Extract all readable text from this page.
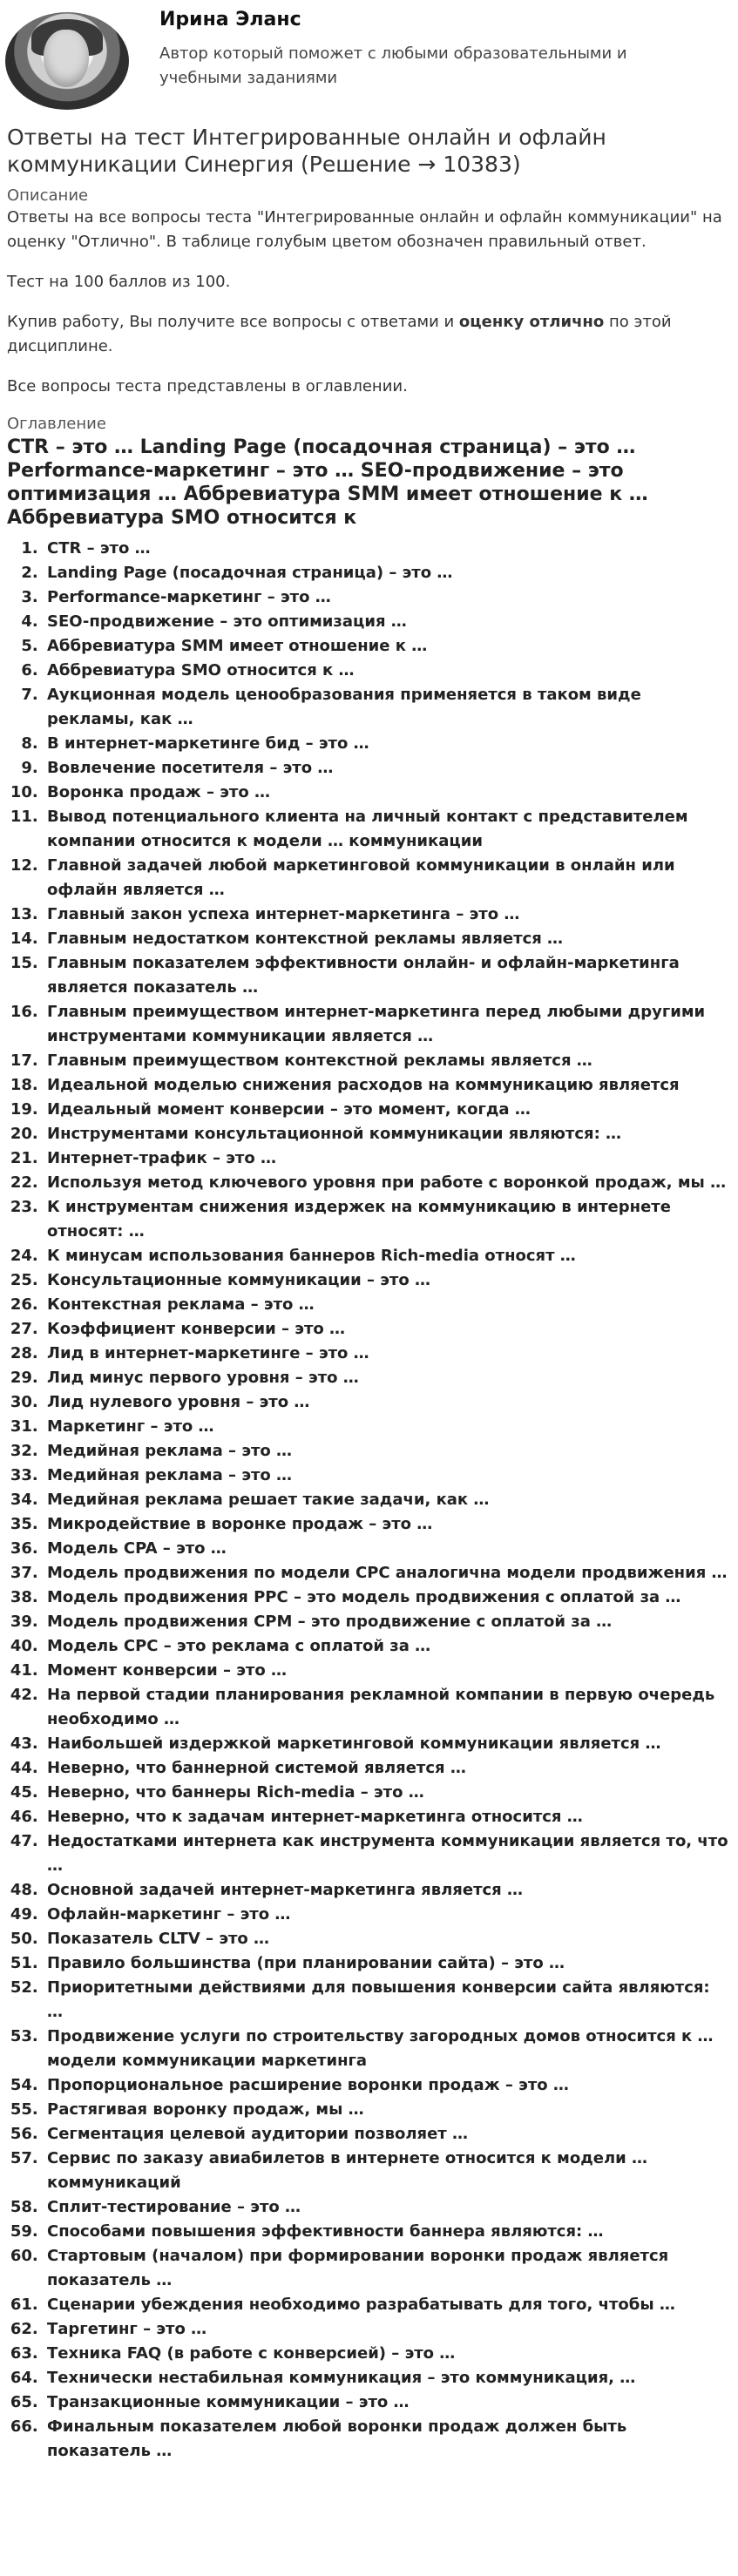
Ирина Эланс
Автор который поможет с любыми образовательными и учебными заданиями
Ответы на тест Интегрированные онлайн и офлайн коммуникации Синергия (Решение → 10383)
Описание

Ответы на все вопросы теста "Интегрированные онлайн и офлайн коммуникации" на оценку "Отлично". В таблице голубым цветом обозначен правильный ответ.

Тест на 100 баллов из 100.

Купив работу, Вы получите все вопросы с ответами и оценку отлично по этой дисциплине.

Все вопросы теста представлены в оглавлении.

Оглавление
CTR – это … Landing Page (посадочная страница) – это … Performance-маркетинг – это … SEO-продвижение – это оптимизация … Аббревиатура SMM имеет отношение к … Аббревиатура SMO относится к
1. CTR – это …
2. Landing Page (посадочная страница) – это …
3. Performance-маркетинг – это …
4. SEO-продвижение – это оптимизация …
5. Аббревиатура SMM имеет отношение к …
6. Аббревиатура SMO относится к …
7. Аукционная модель ценообразования применяется в таком виде рекламы, как …
8. В интернет-маркетинге бид – это …
9. Вовлечение посетителя – это …
10. Воронка продаж – это …
11. Вывод потенциального клиента на личный контакт с представителем компании относится к модели … коммуникации
12. Главной задачей любой маркетинговой коммуникации в онлайн или офлайн является …
13. Главный закон успеха интернет-маркетинга – это …
14. Главным недостатком контекстной рекламы является …
15. Главным показателем эффективности онлайн- и офлайн-маркетинга является показатель …
16. Главным преимуществом интернет-маркетинга перед любыми другими инструментами коммуникации является …
17. Главным преимуществом контекстной рекламы является …
18. Идеальной моделью снижения расходов на коммуникацию является
19. Идеальный момент конверсии – это момент, когда …
20. Инструментами консультационной коммуникации являются: …
21. Интернет-трафик – это …
22. Используя метод ключевого уровня при работе с воронкой продаж, мы …
23. К инструментам снижения издержек на коммуникацию в интернете относят: …
24. К минусам использования баннеров Rich-media относят …
25. Консультационные коммуникации – это …
26. Контекстная реклама – это …
27. Коэффициент конверсии – это …
28. Лид в интернет-маркетинге – это …
29. Лид минус первого уровня – это …
30. Лид нулевого уровня – это …
31. Маркетинг – это …
32. Медийная реклама – это …
33. Медийная реклама – это …
34. Медийная реклама решает такие задачи, как …
35. Микродействие в воронке продаж – это …
36. Модель CPA – это …
37. Модель продвижения по модели CPC аналогична модели продвижения …
38. Модель продвижения PPC – это модель продвижения с оплатой за …
39. Модель продвижения CPM – это продвижение с оплатой за …
40. Модель CPC – это реклама с оплатой за …
41. Момент конверсии – это …
42. На первой стадии планирования рекламной компании в первую очередь необходимо …
43. Наибольшей издержкой маркетинговой коммуникации является …
44. Неверно, что баннерной системой является …
45. Неверно, что баннеры Rich-media – это …
46. Неверно, что к задачам интернет-маркетинга относится …
47. Недостатками интернета как инструмента коммуникации является то, что …
48. Основной задачей интернет-маркетинга является …
49. Офлайн-маркетинг – это …
50. Показатель CLTV – это …
51. Правило большинства (при планировании сайта) – это …
52. Приоритетными действиями для повышения конверсии сайта являются: …
53. Продвижение услуги по строительству загородных домов относится к … модели коммуникации маркетинга
54. Пропорциональное расширение воронки продаж – это …
55. Растягивая воронку продаж, мы …
56. Сегментация целевой аудитории позволяет …
57. Сервис по заказу авиабилетов в интернете относится к модели … коммуникаций
58. Сплит-тестирование – это …
59. Способами повышения эффективности баннера являются: …
60. Стартовым (началом) при формировании воронки продаж является показатель …
61. Сценарии убеждения необходимо разрабатывать для того, чтобы …
62. Таргетинг – это …
63. Техника FAQ (в работе с конверсией) – это …
64. Технически нестабильная коммуникация – это коммуникация, …
65. Транзакционные коммуникации – это …
66. Финальным показателем любой воронки продаж должен быть показатель …
